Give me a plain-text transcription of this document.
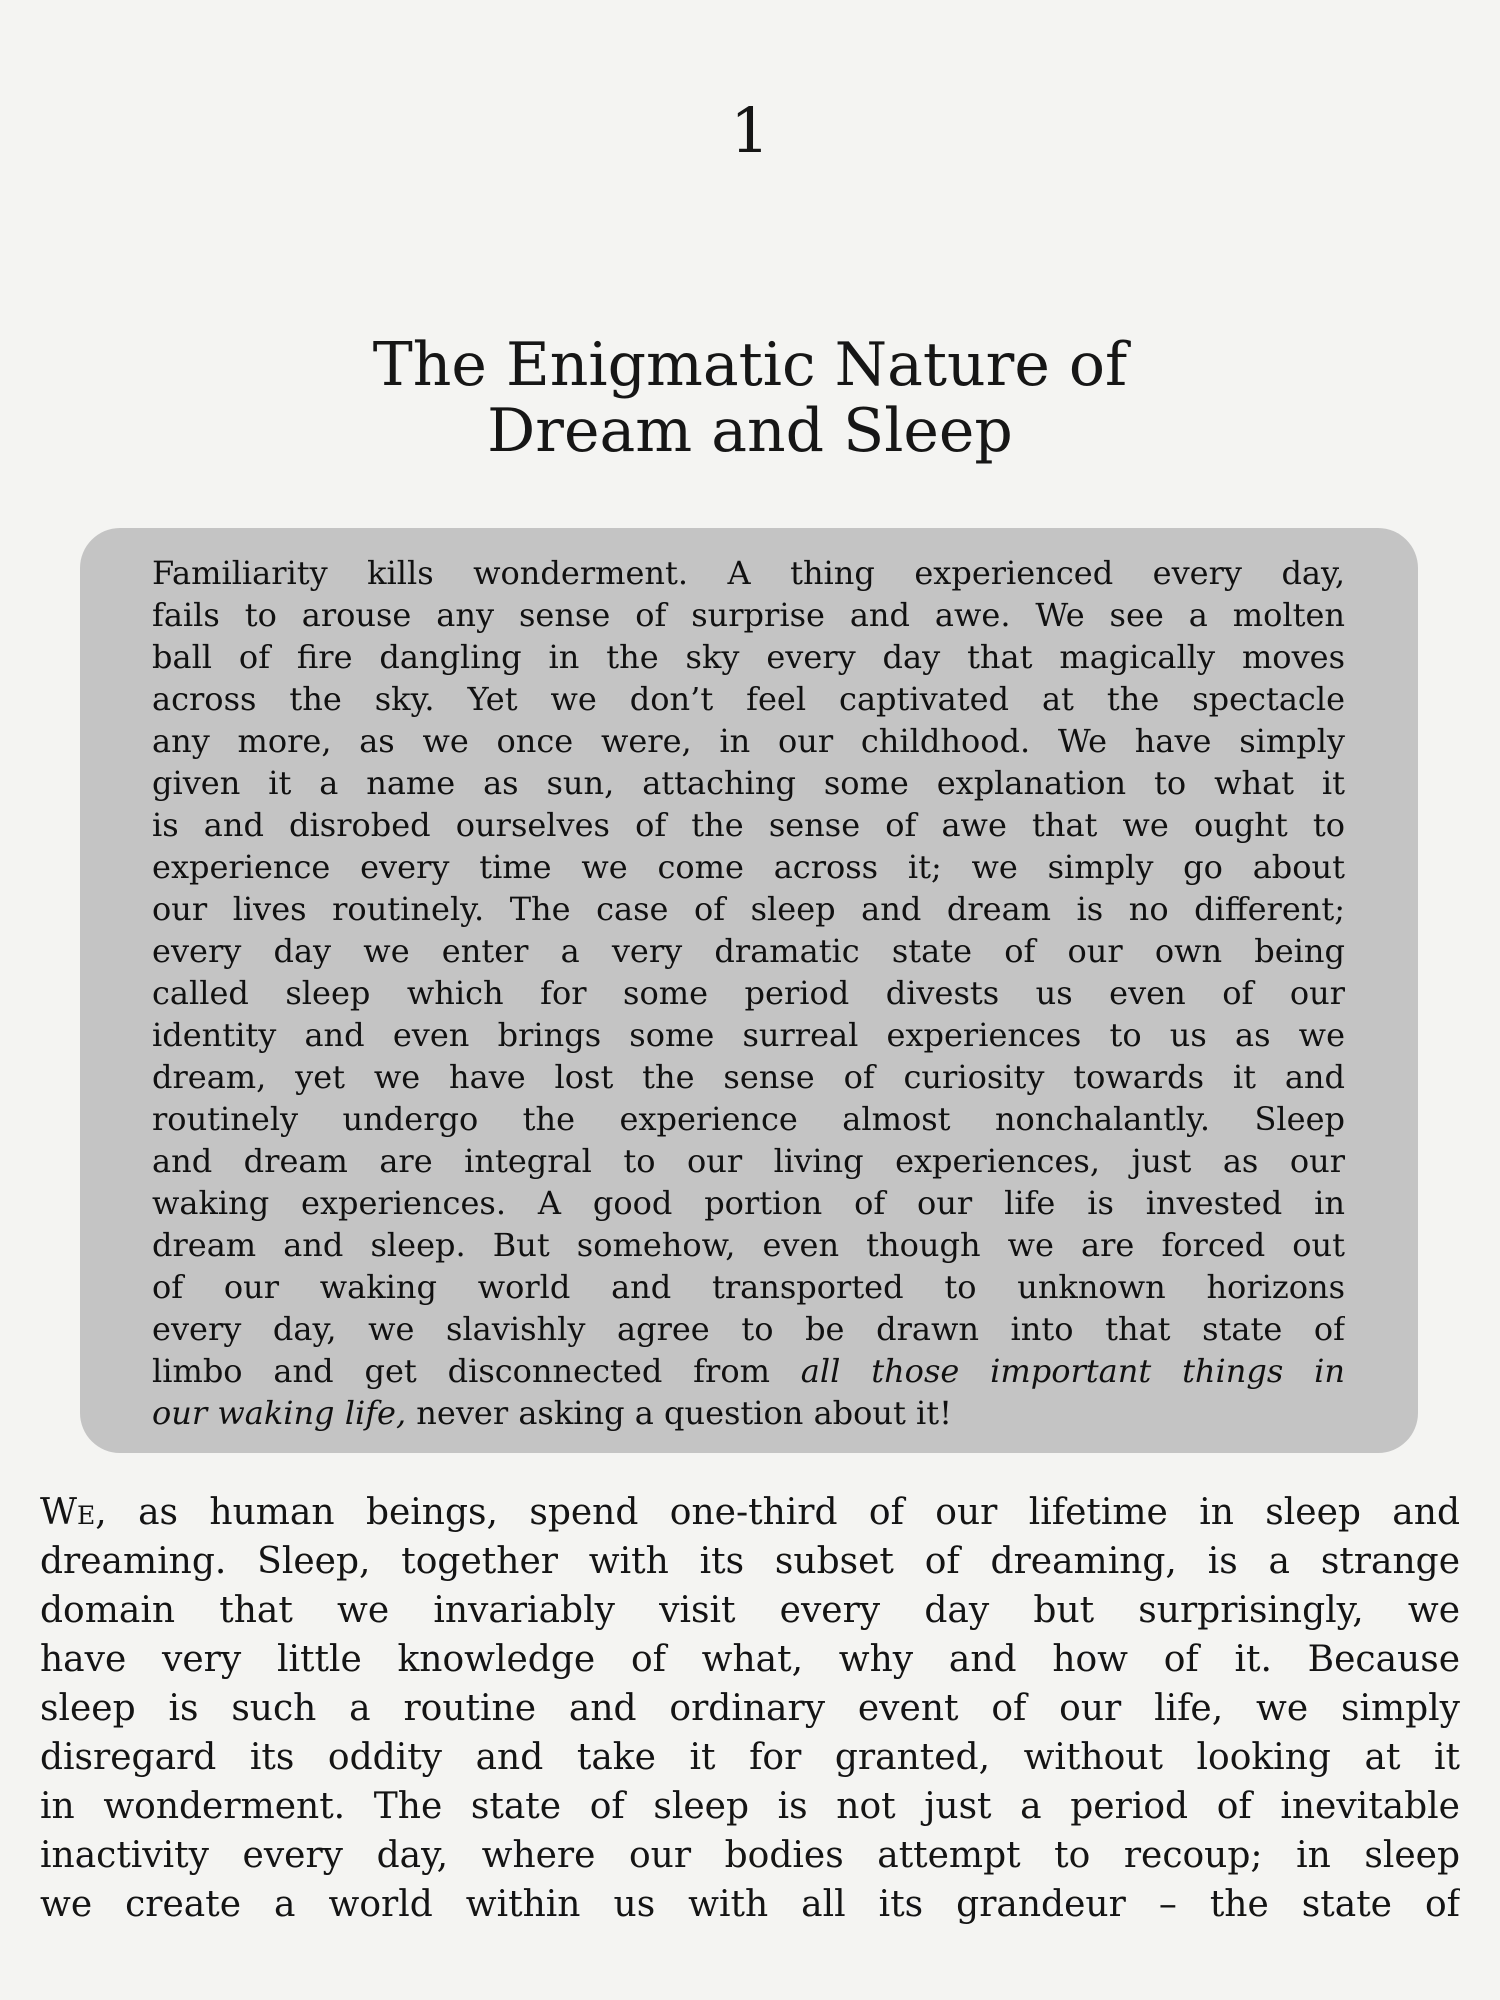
1
The Enigmatic Nature of
Dream and Sleep
Familiarity kills wonderment. A thing experienced every day,
fails to arouse any sense of surprise and awe. We see a molten
ball of fire dangling in the sky every day that magically moves
across the sky. Yet we don’t feel captivated at the spectacle
any more, as we once were, in our childhood. We have simply
given it a name as sun, attaching some explanation to what it
is and disrobed ourselves of the sense of awe that we ought to
experience every time we come across it; we simply go about
our lives routinely. The case of sleep and dream is no different;
every day we enter a very dramatic state of our own being
called sleep which for some period divests us even of our
identity and even brings some surreal experiences to us as we
dream, yet we have lost the sense of curiosity towards it and
routinely undergo the experience almost nonchalantly. Sleep
and dream are integral to our living experiences, just as our
waking experiences. A good portion of our life is invested in
dream and sleep. But somehow, even though we are forced out
of our waking world and transported to unknown horizons
every day, we slavishly agree to be drawn into that state of
limbo and get disconnected from all those important things in
our waking life, never asking a question about it!
We, as human beings, spend one-third of our lifetime in sleep and
dreaming. Sleep, together with its subset of dreaming, is a strange
domain that we invariably visit every day but surprisingly, we
have very little knowledge of what, why and how of it. Because
sleep is such a routine and ordinary event of our life, we simply
disregard its oddity and take it for granted, without looking at it
in wonderment. The state of sleep is not just a period of inevitable
inactivity every day, where our bodies attempt to recoup; in sleep
we create a world within us with all its grandeur – the state of
